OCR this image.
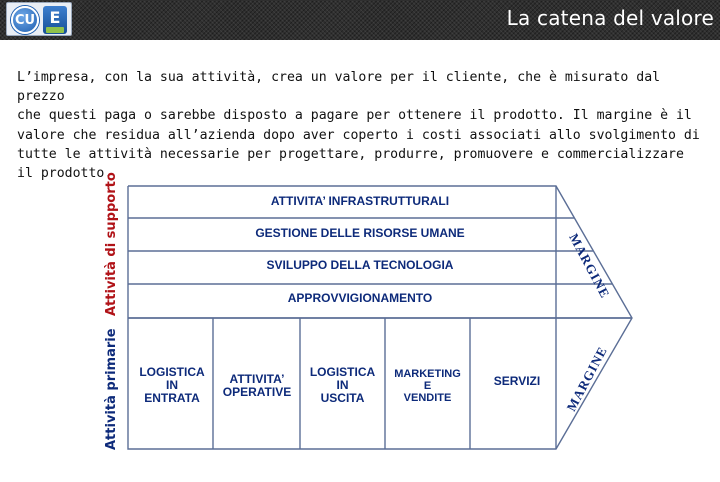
CU E	La catena del valore
L’impresa, con la sua attività, crea un valore per il cliente, che è misurato dal prezzo
che questi paga o sarebbe disposto a pagare per ottenere il prodotto. Il margine è il
valore che residua all’azienda dopo aver coperto i costi associati allo svolgimento di
tutte le attività necessarie per progettare, produrre, promuovere e commercializzare
il prodotto.
Attività di supporto
Attività primarie
ATTIVITA’ INFRASTRUTTURALI
GESTIONE DELLE RISORSE UMANE
SVILUPPO DELLA TECNOLOGIA
APPROVVIGIONAMENTO
LOGISTICA
IN
ENTRATA
ATTIVITA’
OPERATIVE
LOGISTICA
IN
USCITA
MARKETING
E
VENDITE
SERVIZI
MARGINE
MARGINE
